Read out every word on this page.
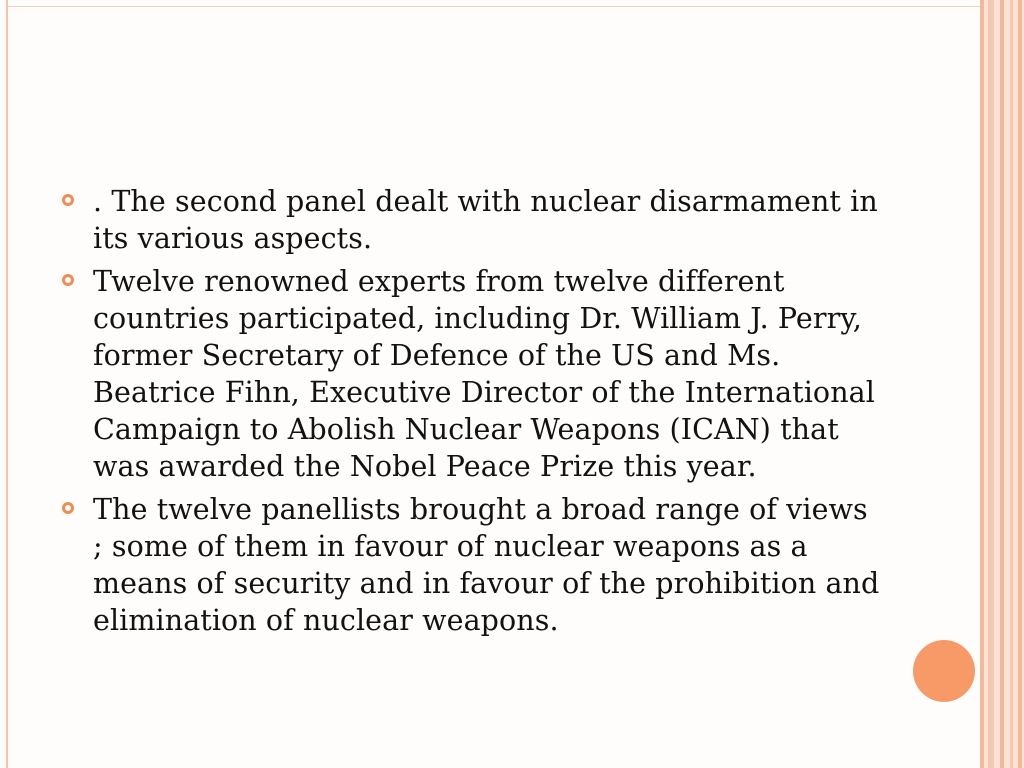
. The second panel dealt with nuclear disarmament in its various aspects.
Twelve renowned experts from twelve different countries participated, including Dr. William J. Perry, former Secretary of Defence of the US and Ms. Beatrice Fihn, Executive Director of the International Campaign to Abolish Nuclear Weapons (ICAN) that was awarded the Nobel Peace Prize this year.
The twelve panellists brought a broad range of views ; some of them in favour of nuclear weapons as a means of security and in favour of the prohibition and elimination of nuclear weapons.
